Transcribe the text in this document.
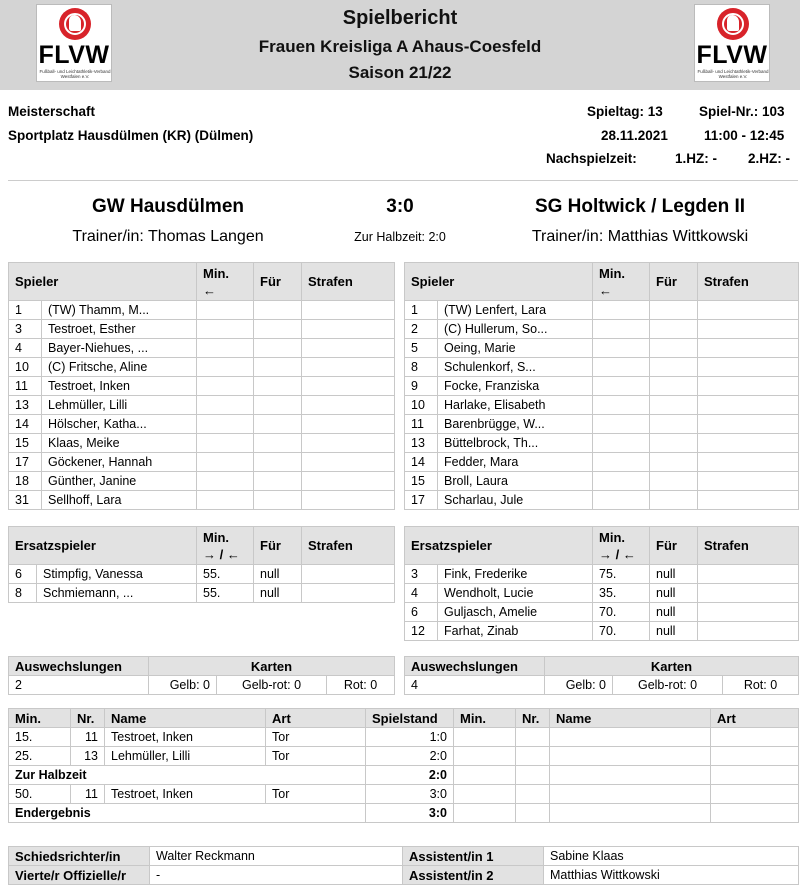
FLVW
Fußball- und Leichtathletik-Verband Westfalen e.V.
Spielbericht
Frauen Kreisliga A Ahaus-Coesfeld
Saison 21/22
FLVW
Fußball- und Leichtathletik-Verband Westfalen e.V.
Meisterschaft
Sportplatz Hausdülmen (KR) (Dülmen)
Spieltag: 13	Spiel-Nr.: 103
28.11.2021	11:00 - 12:45
Nachspielzeit:	1.HZ: - 2.HZ: -
GW Hausdülmen	3:0	SG Holtwick / Legden II
Trainer/in: Thomas Langen	Zur Halbzeit: 2:0	Trainer/in: Matthias Wittkowski
Spieler		Min.
←	Für	Strafen
1	(TW) Thamm, M...			
3	Testroet, Esther			
4	Bayer-Niehues, ...			
10	(C) Fritsche, Aline			
11	Testroet, Inken			
13	Lehmüller, Lilli			
14	Hölscher, Katha...			
15	Klaas, Meike			
17	Göckener, Hannah			
18	Günther, Janine			
31	Sellhoff, Lara			
Spieler		Min.
←	Für	Strafen
1	(TW) Lenfert, Lara			
2	(C) Hullerum, So...			
5	Oeing, Marie			
8	Schulenkorf, S...			
9	Focke, Franziska			
10	Harlake, Elisabeth			
11	Barenbrügge, W...			
13	Büttelbrock, Th...			
14	Fedder, Mara			
15	Broll, Laura			
17	Scharlau, Jule			
Ersatzspieler		Min.
→ / ←	Für	Strafen
6	Stimpfig, Vanessa	55.	null	
8	Schmiemann, ...	55.	null	
Ersatzspieler		Min.
→ / ←	Für	Strafen
3	Fink, Frederike	75.	null	
4	Wendholt, Lucie	35.	null	
6	Guljasch, Amelie	70.	null	
12	Farhat, Zinab	70.	null	
Auswechslungen	Karten		
2	Gelb: 0	Gelb-rot: 0	Rot: 0
Auswechslungen	Karten		
4	Gelb: 0	Gelb-rot: 0	Rot: 0
Min.	Nr.	Name	Art	Spielstand	Min.	Nr.	Name	Art
15.	11	Testroet, Inken	Tor	1:0				
25.	13	Lehmüller, Lilli	Tor	2:0				
Zur Halbzeit				2:0				
50.	11	Testroet, Inken	Tor	3:0				
Endergebnis				3:0				
Schiedsrichter/in	Walter Reckmann	Assistent/in 1	Sabine Klaas
Vierte/r Offizielle/r	-	Assistent/in 2	Matthias Wittkowski
